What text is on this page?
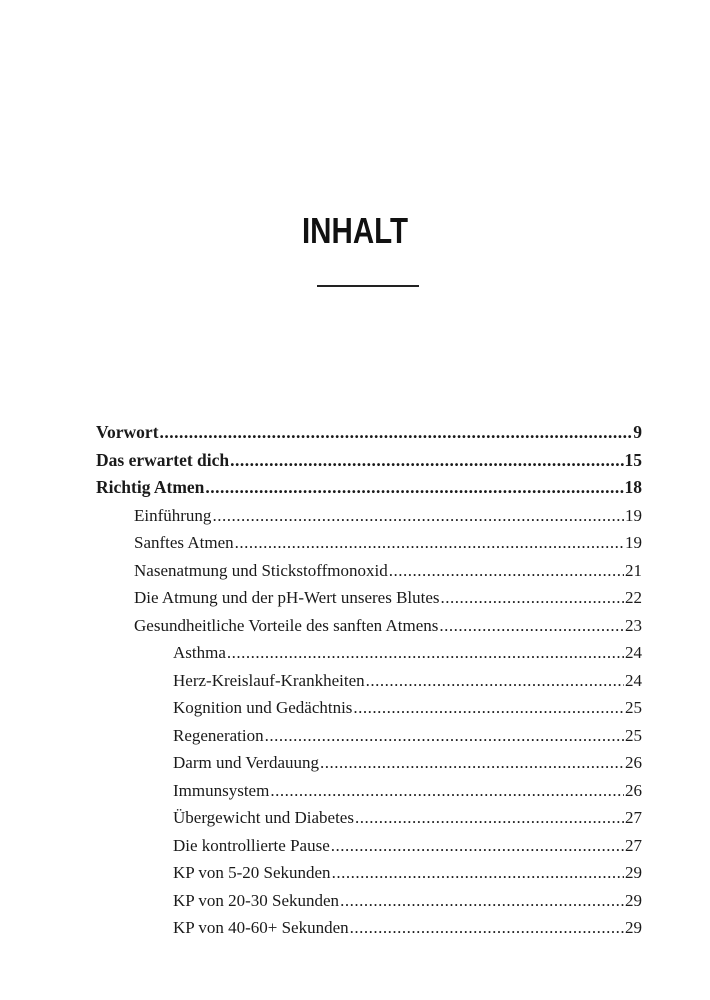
INHALT
Vorwort .....	9
Das erwartet dich .....	15
Richtig Atmen .....	18
Einführung .....	19
Sanftes Atmen .....	19
Nasenatmung und Stickstoffmonoxid .....	21
Die Atmung und der pH-Wert unseres Blutes .....	22
Gesundheitliche Vorteile des sanften Atmens .....	23
Asthma .....	24
Herz-Kreislauf-Krankheiten .....	24
Kognition und Gedächtnis .....	25
Regeneration .....	25
Darm und Verdauung .....	26
Immunsystem .....	26
Übergewicht und Diabetes .....	27
Die kontrollierte Pause .....	27
KP von 5-20 Sekunden .....	29
KP von 20-30 Sekunden .....	29
KP von 40-60+ Sekunden .....	29
